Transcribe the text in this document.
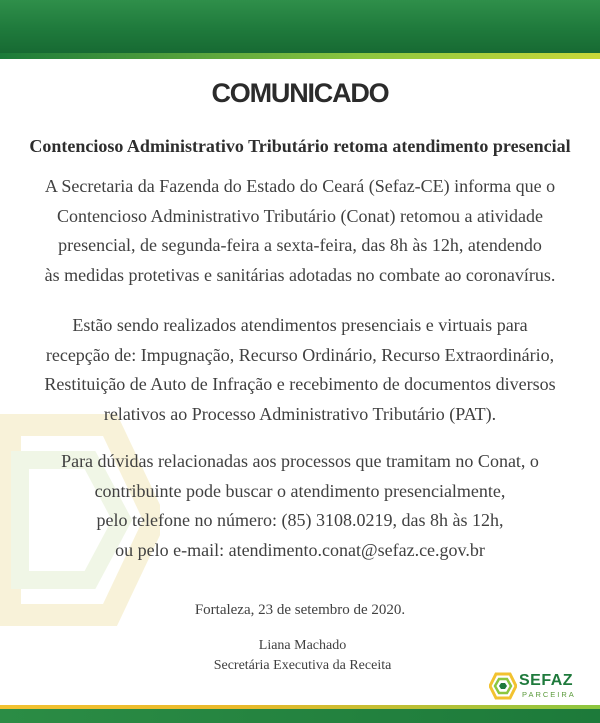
COMUNICADO
Contencioso Administrativo Tributário retoma atendimento presencial
A Secretaria da Fazenda do Estado do Ceará (Sefaz-CE) informa que o
Contencioso Administrativo Tributário (Conat) retomou a atividade
presencial, de segunda-feira a sexta-feira, das 8h às 12h, atendendo
às medidas protetivas e sanitárias adotadas no combate ao coronavírus.
Estão sendo realizados atendimentos presenciais e virtuais para
recepção de: Impugnação, Recurso Ordinário, Recurso Extraordinário,
Restituição de Auto de Infração e recebimento de documentos diversos
relativos ao Processo Administrativo Tributário (PAT).
Para dúvidas relacionadas aos processos que tramitam no Conat, o
contribuinte pode buscar o atendimento presencialmente,
pelo telefone no número: (85) 3108.0219, das 8h às 12h,
ou pelo e-mail: atendimento.conat@sefaz.ce.gov.br
Fortaleza, 23 de setembro de 2020.
Liana Machado
Secretária Executiva da Receita
SEFAZ
PARCEIRA
